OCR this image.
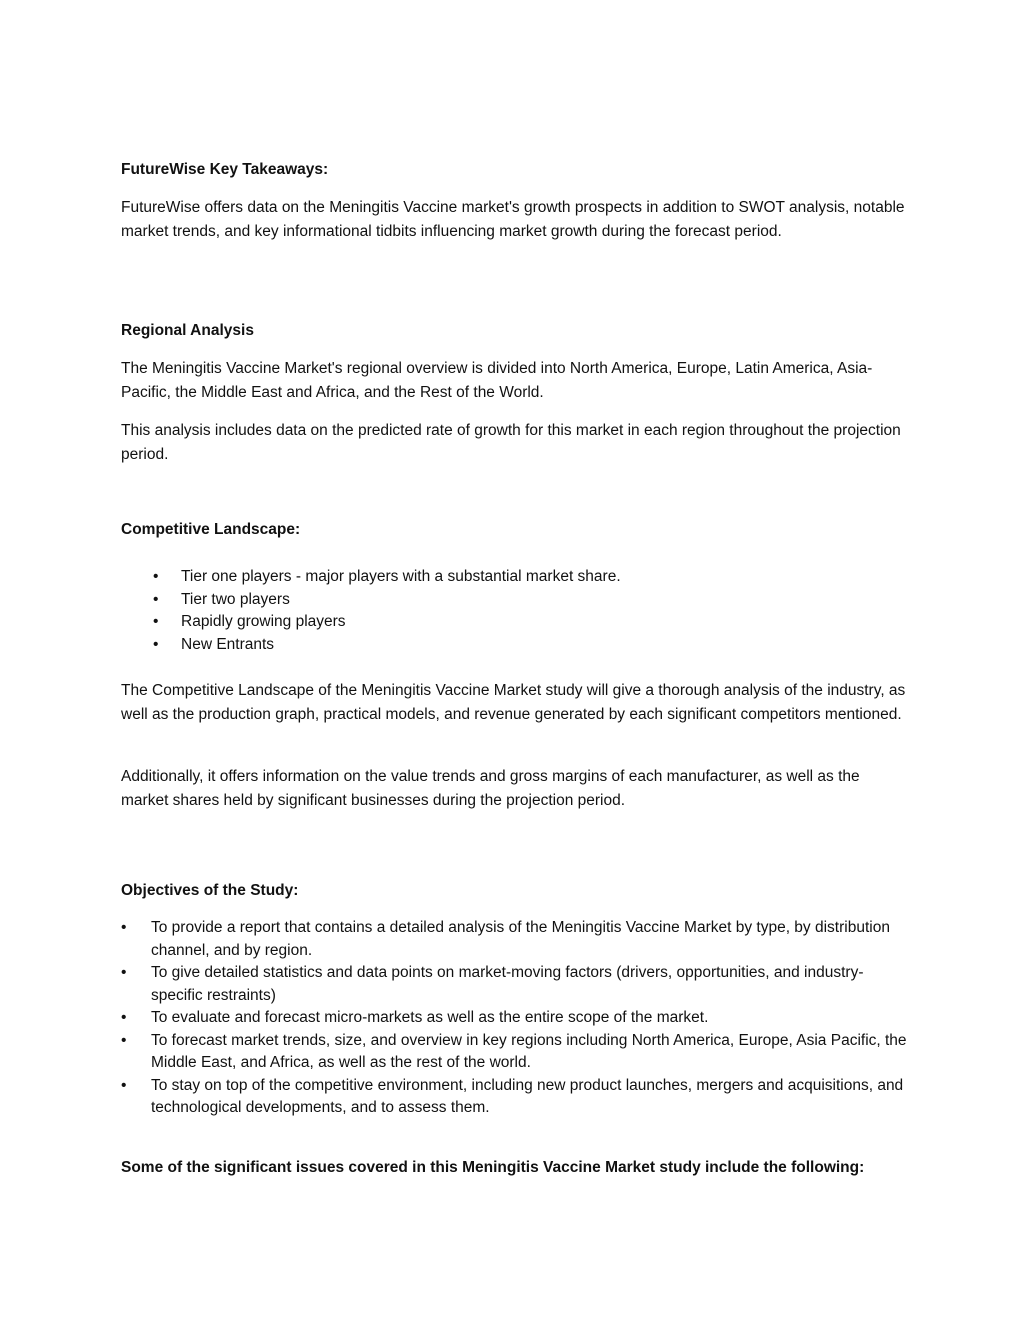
FutureWise Key Takeaways:

FutureWise offers data on the Meningitis Vaccine market's growth prospects in addition to SWOT analysis, notable market trends, and key informational tidbits influencing market growth during the forecast period.

Regional Analysis

The Meningitis Vaccine Market's regional overview is divided into North America, Europe, Latin America, Asia-Pacific, the Middle East and Africa, and the Rest of the World.

This analysis includes data on the predicted rate of growth for this market in each region throughout the projection period.

Competitive Landscape:
• Tier one players - major players with a substantial market share.
• Tier two players
• Rapidly growing players
• New Entrants

The Competitive Landscape of the Meningitis Vaccine Market study will give a thorough analysis of the industry, as well as the production graph, practical models, and revenue generated by each significant competitors mentioned.

Additionally, it offers information on the value trends and gross margins of each manufacturer, as well as the market shares held by significant businesses during the projection period.

Objectives of the Study:
• To provide a report that contains a detailed analysis of the Meningitis Vaccine Market by type, by distribution channel, and by region.
• To give detailed statistics and data points on market-moving factors (drivers, opportunities, and industry-specific restraints)
• To evaluate and forecast micro-markets as well as the entire scope of the market.
• To forecast market trends, size, and overview in key regions including North America, Europe, Asia Pacific, the Middle East, and Africa, as well as the rest of the world.
• To stay on top of the competitive environment, including new product launches, mergers and acquisitions, and technological developments, and to assess them.
Some of the significant issues covered in this Meningitis Vaccine Market study include the following:
